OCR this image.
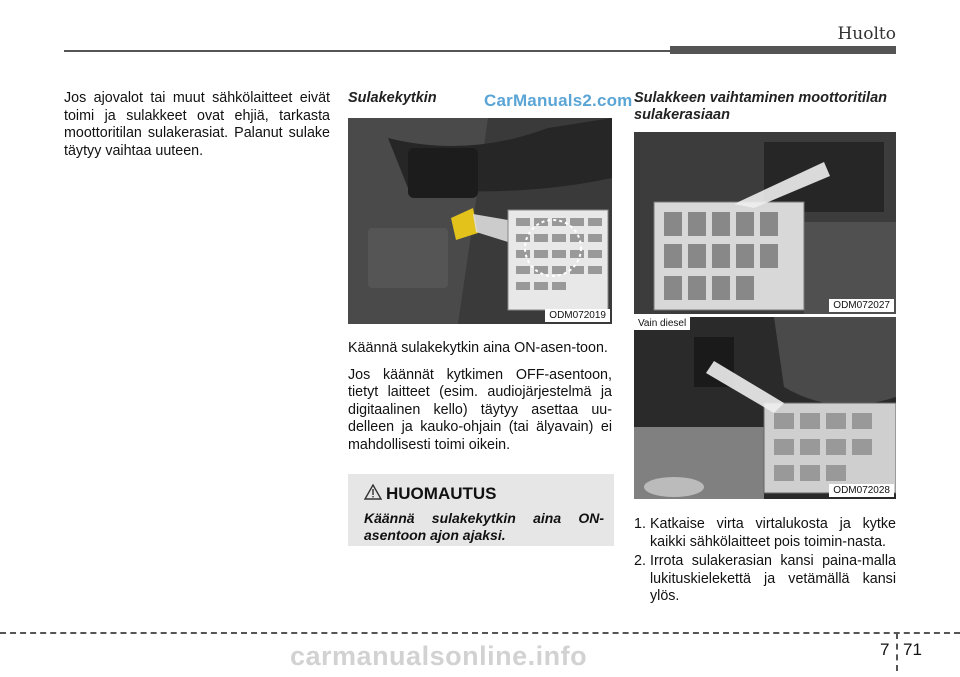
Huolto

Jos ajovalot tai muut sähkölaitteet eivät toimi ja sulakkeet ovat ehjiä, tarkasta moottoritilan sulakerasiat. Palanut sulake täytyy vaihtaa uuteen.

Sulakekytkin	CarManuals2.com
ODM072019

Käännä sulakekytkin aina ON-asen-toon.

Jos käännät kytkimen OFF-asentoon, tietyt laitteet (esim. audiojärjestelmä ja digitaalinen kello) täytyy asettaa uu-delleen ja kauko-ohjain (tai älyavain) ei mahdollisesti toimi oikein.

HUOMAUTUS
Käännä sulakekytkin aina ON-asentoon ajon ajaksi.
Sulakkeen vaihtaminen moottoritilan sulakerasiaan
ODM072027
Vain diesel
ODM072028
1. Katkaise virta virtalukosta ja kytke kaikki sähkölaitteet pois toimin-nasta.
2. Irrota sulakerasian kansi paina-malla lukituskielekettä ja vetämällä kansi ylös.
7 71
carmanualsonline.info
